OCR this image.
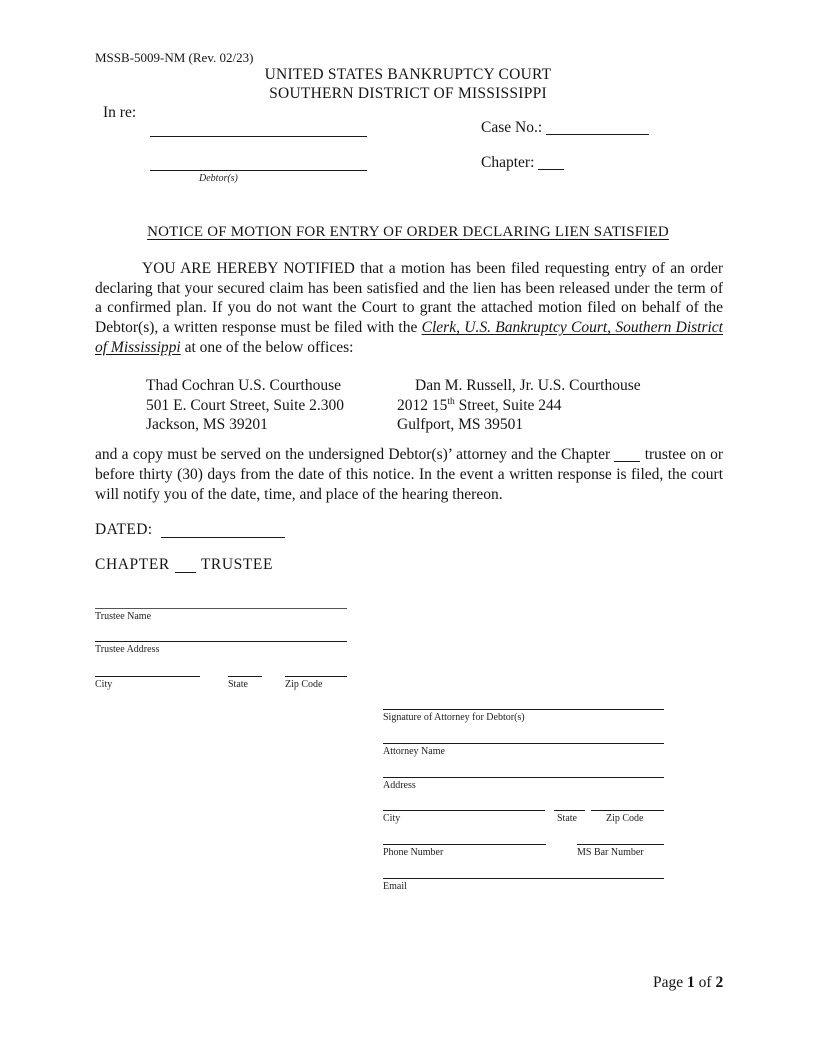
MSSB-5009-NM (Rev. 02/23)
UNITED STATES BANKRUPTCY COURT
SOUTHERN DISTRICT OF MISSISSIPPI
In re:
Debtor(s)
Case No.:
Chapter:
NOTICE OF MOTION FOR ENTRY OF ORDER DECLARING LIEN SATISFIED

YOU ARE HEREBY NOTIFIED that a motion has been filed requesting entry of an order declaring that your secured claim has been satisfied and the lien has been released under the term of a confirmed plan. If you do not want the Court to grant the attached motion filed on behalf of the Debtor(s), a written response must be filed with the Clerk, U.S. Bankruptcy Court, Southern District of Mississippi at one of the below offices:

Thad Cochran U.S. Courthouse
501 E. Court Street, Suite 2.300
Jackson, MS 39201
Dan M. Russell, Jr. U.S. Courthouse
2012 15th Street, Suite 244
Gulfport, MS 39501

and a copy must be served on the undersigned Debtor(s)’ attorney and the Chapter trustee on or before thirty (30) days from the date of this notice. In the event a written response is filed, the court will notify you of the date, time, and place of the hearing thereon.

DATED:
CHAPTER TRUSTEE
Trustee Name
Trustee Address
City	State	Zip Code
Signature of Attorney for Debtor(s)
Attorney Name
Address
City	State	Zip Code
Phone Number	MS Bar Number
Email
Page 1 of 2
